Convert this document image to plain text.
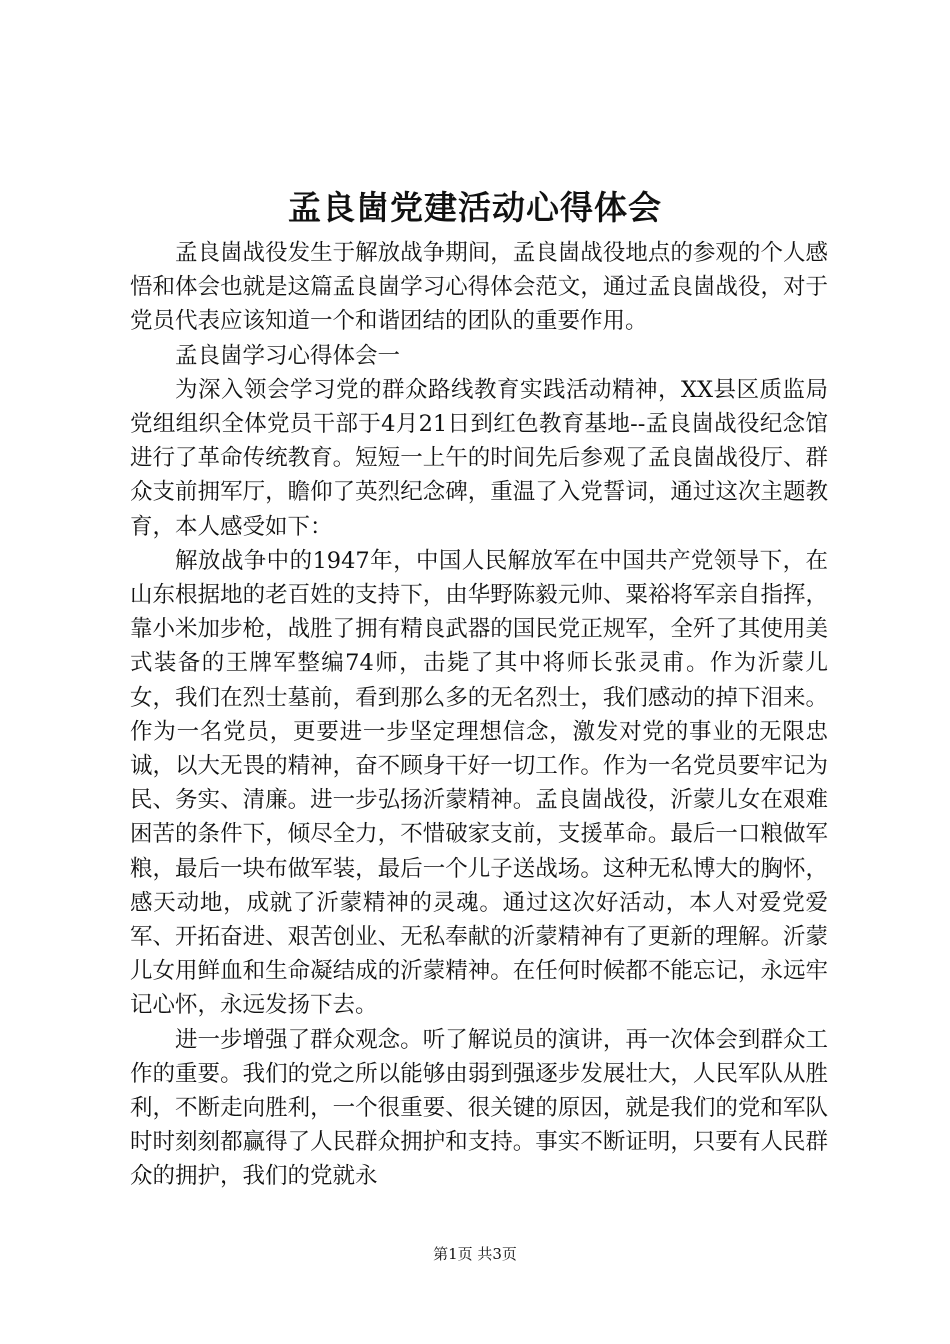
孟良崮党建活动心得体会

孟良崮战役发生于解放战争期间，孟良崮战役地点的参观的个人感悟和体会也就是这篇孟良崮学习心得体会范文，通过孟良崮战役，对于党员代表应该知道一个和谐团结的团队的重要作用。

孟良崮学习心得体会一

为深入领会学习党的群众路线教育实践活动精神，XX县区质监局党组组织全体党员干部于4月21日到红色教育基地--孟良崮战役纪念馆进行了革命传统教育。短短一上午的时间先后参观了孟良崮战役厅、群众支前拥军厅，瞻仰了英烈纪念碑，重温了入党誓词，通过这次主题教育，本人感受如下：

解放战争中的1947年，中国人民解放军在中国共产党领导下，在山东根据地的老百姓的支持下，由华野陈毅元帅、粟裕将军亲自指挥，靠小米加步枪，战胜了拥有精良武器的国民党正规军，全歼了其使用美式装备的王牌军整编74师，击毙了其中将师长张灵甫。作为沂蒙儿女，我们在烈士墓前，看到那么多的无名烈士，我们感动的掉下泪来。作为一名党员，更要进一步坚定理想信念，激发对党的事业的无限忠诚，以大无畏的精神，奋不顾身干好一切工作。作为一名党员要牢记为民、务实、清廉。进一步弘扬沂蒙精神。孟良崮战役，沂蒙儿女在艰难困苦的条件下，倾尽全力，不惜破家支前，支援革命。最后一口粮做军粮，最后一块布做军装，最后一个儿子送战场。这种无私博大的胸怀，感天动地，成就了沂蒙精神的灵魂。通过这次好活动，本人对爱党爱军、开拓奋进、艰苦创业、无私奉献的沂蒙精神有了更新的理解。沂蒙儿女用鲜血和生命凝结成的沂蒙精神。在任何时候都不能忘记，永远牢记心怀，永远发扬下去。

进一步增强了群众观念。听了解说员的演讲，再一次体会到群众工作的重要。我们的党之所以能够由弱到强逐步发展壮大，人民军队从胜利，不断走向胜利，一个很重要、很关键的原因，就是我们的党和军队时时刻刻都赢得了人民群众拥护和支持。事实不断证明，只要有人民群众的拥护，我们的党就永

第1页 共3页
